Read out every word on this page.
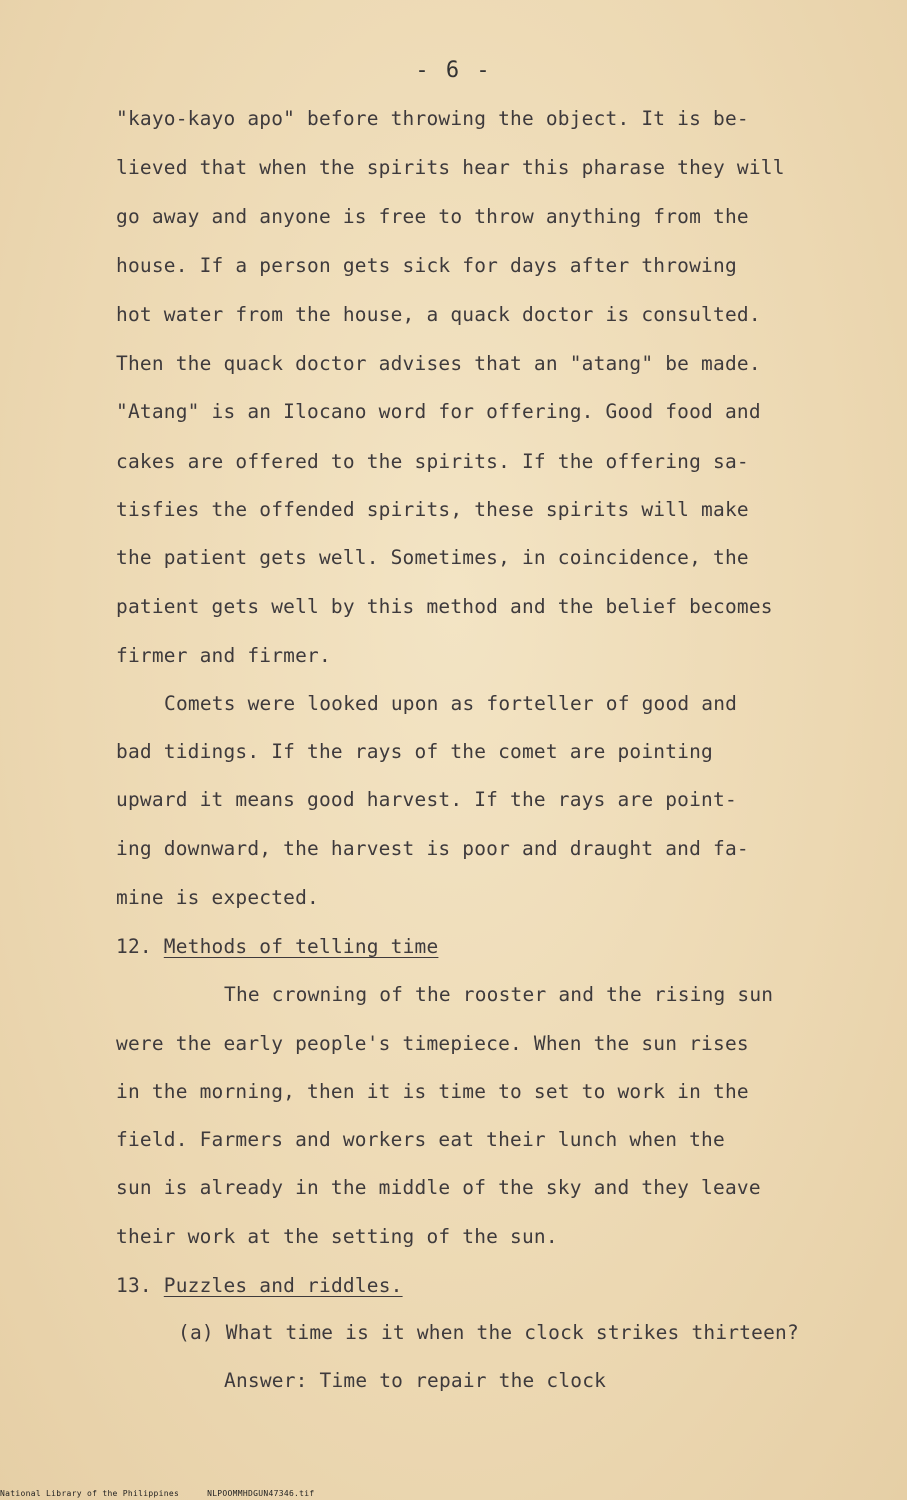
- 6 -
"kayo-kayo apo" before throwing the object. It is be-
lieved that when the spirits hear this pharase they will
go away and anyone is free to throw anything from the
house. If a person gets sick for days after throwing
hot water from the house, a quack doctor is consulted.
Then the quack doctor advises that an "atang" be made.
"Atang" is an Ilocano word for offering. Good food and
cakes are offered to the spirits. If the offering sa-
tisfies the offended spirits, these spirits will make
the patient gets well. Sometimes, in coincidence, the
patient gets well by this method and the belief becomes
firmer and firmer.
Comets were looked upon as forteller of good and
bad tidings. If the rays of the comet are pointing
upward it means good harvest. If the rays are point-
ing downward, the harvest is poor and draught and fa-
mine is expected.
12. Methods of telling time
The crowning of the rooster and the rising sun
were the early people's timepiece. When the sun rises
in the morning, then it is time to set to work in the
field. Farmers and workers eat their lunch when the
sun is already in the middle of the sky and they leave
their work at the setting of the sun.
13. Puzzles and riddles.
(a) What time is it when the clock strikes thirteen?
Answer: Time to repair the clock
National Library of the Philippines	NLPOOMMHDGUN47346.tif
